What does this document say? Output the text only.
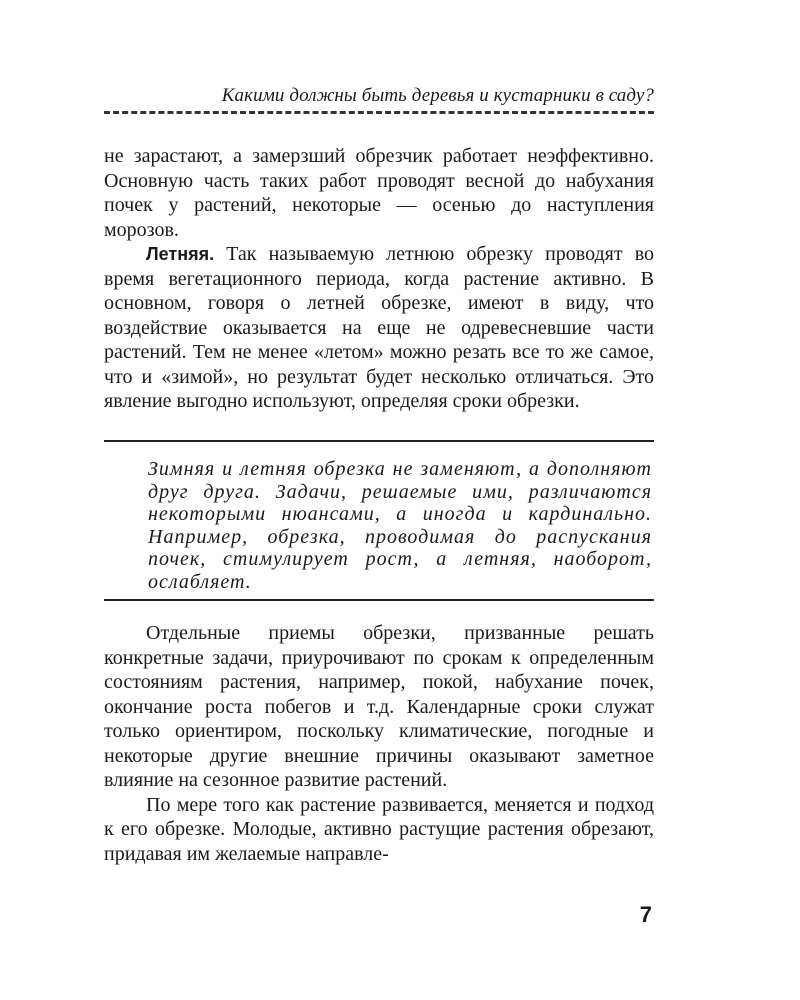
Какими должны быть деревья и кустарники в саду?

не зарастают, а замерзший обрезчик работает неэффективно. Основную часть таких работ проводят весной до набухания почек у растений, некоторые — осенью до наступления морозов.

Летняя. Так называемую летнюю обрезку проводят во время вегетационного периода, когда растение активно. В основном, говоря о летней обрезке, имеют в виду, что воздействие оказывается на еще не одревесневшие части растений. Тем не менее «летом» можно резать все то же самое, что и «зимой», но результат будет несколько отличаться. Это явление выгодно используют, определяя сроки обрезки.

Зимняя и летняя обрезка не заменяют, а дополняют друг друга. Задачи, решаемые ими, различаются некоторыми нюансами, а иногда и кардинально. Например, обрезка, проводимая до распускания почек, стимулирует рост, а летняя, наоборот, ослабляет.

Отдельные приемы обрезки, призванные решать конкретные задачи, приурочивают по срокам к определенным состояниям растения, например, покой, набухание почек, окончание роста побегов и т.д. Календарные сроки служат только ориентиром, поскольку климатические, погодные и некоторые другие внешние причины оказывают заметное влияние на сезонное развитие растений.

По мере того как растение развивается, меняется и подход к его обрезке. Молодые, активно растущие растения обрезают, придавая им желаемые направле-

7
